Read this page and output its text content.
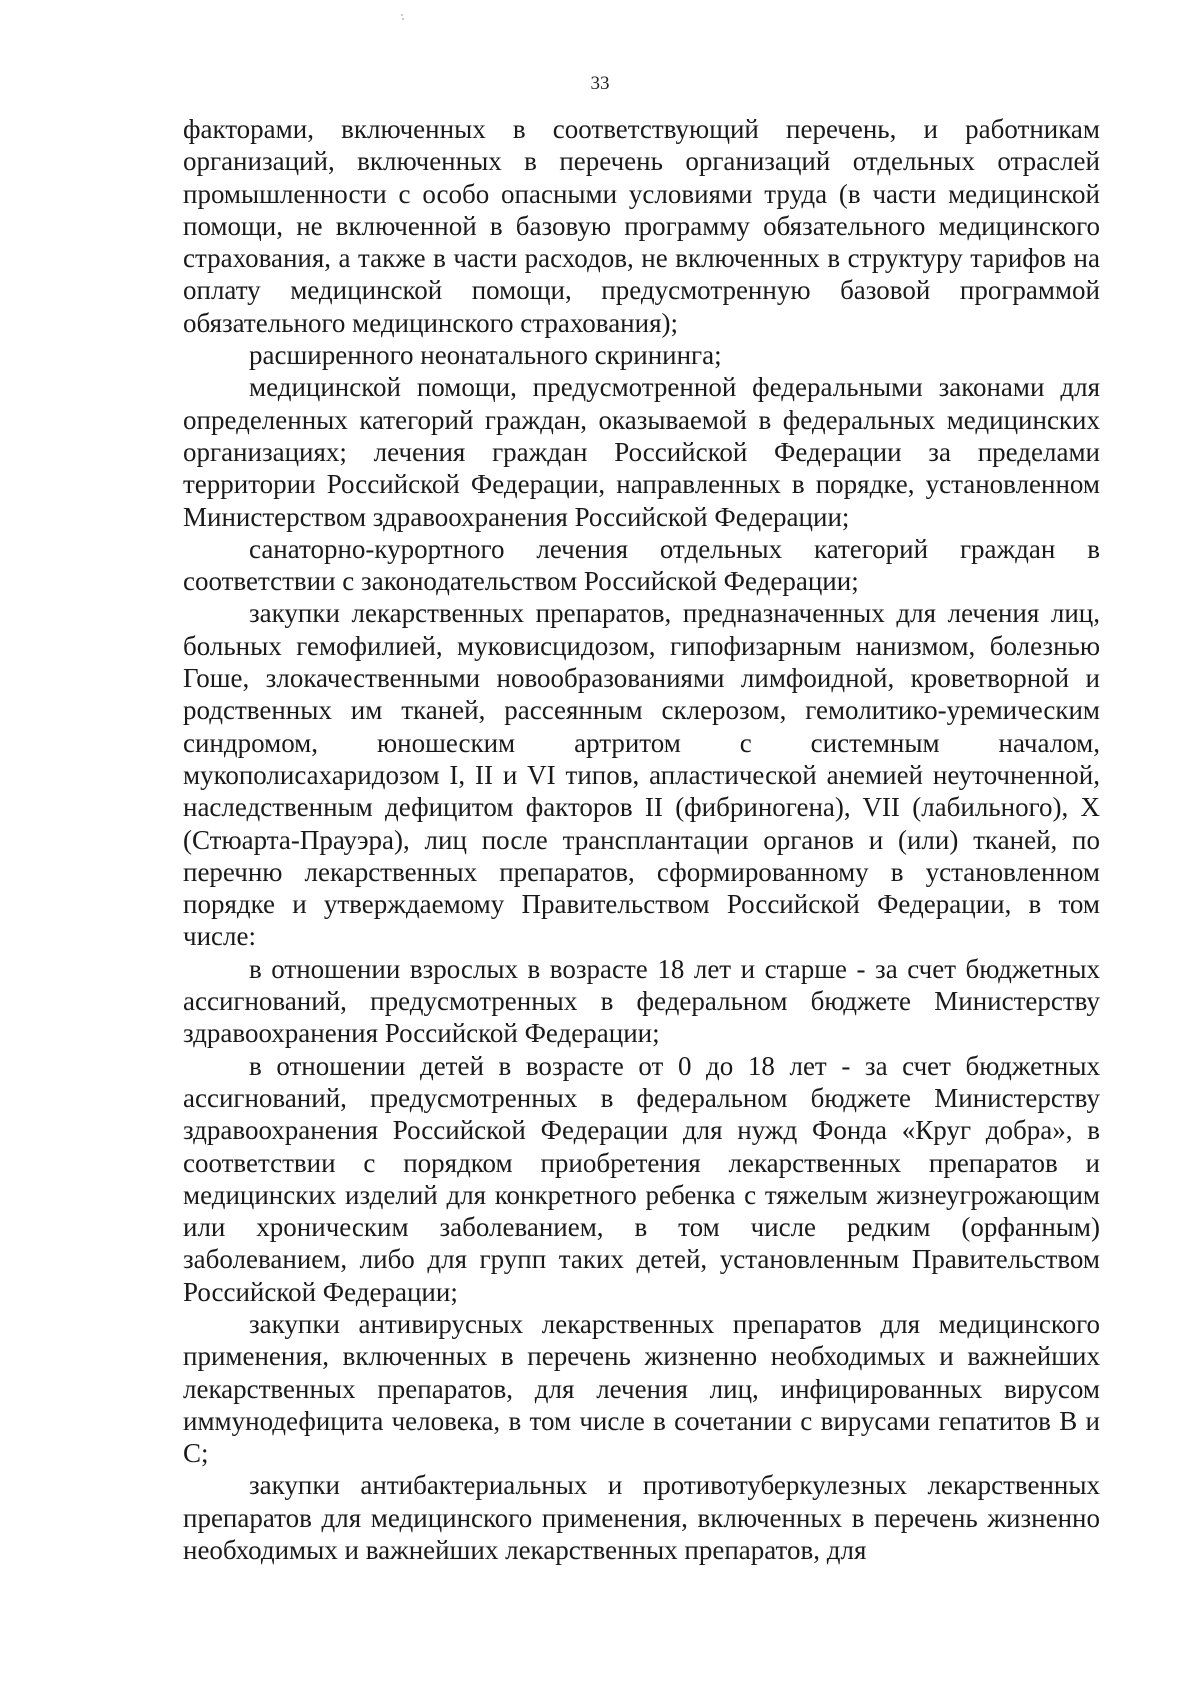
33

факторами, включенных в соответствующий перечень, и работникам организаций, включенных в перечень организаций отдельных отраслей промышленности с особо опасными условиями труда (в части медицинской помощи, не включенной в базовую программу обязательного медицинского страхования, а также в части расходов, не включенных в структуру тарифов на оплату медицинской помощи, предусмотренную базовой программой обязательного медицинского страхования);

расширенного неонатального скрининга;

медицинской помощи, предусмотренной федеральными законами для определенных категорий граждан, оказываемой в федеральных медицинских организациях; лечения граждан Российской Федерации за пределами территории Российской Федерации, направленных в порядке, установленном Министерством здравоохранения Российской Федерации;

санаторно-курортного лечения отдельных категорий граждан в соответствии с законодательством Российской Федерации;

закупки лекарственных препаратов, предназначенных для лечения лиц, больных гемофилией, муковисцидозом, гипофизарным нанизмом, болезнью Гоше, злокачественными новообразованиями лимфоидной, кроветворной и родственных им тканей, рассеянным склерозом, гемолитико-уремическим синдромом, юношеским артритом с системным началом, мукополисахаридозом I, II и VI типов, апластической анемией неуточненной, наследственным дефицитом факторов II (фибриногена), VII (лабильного), X (Стюарта-Прауэра), лиц после трансплантации органов и (или) тканей, по перечню лекарственных препаратов, сформированному в установленном порядке и утверждаемому Правительством Российской Федерации, в том числе:

в отношении взрослых в возрасте 18 лет и старше - за счет бюджетных ассигнований, предусмотренных в федеральном бюджете Министерству здравоохранения Российской Федерации;

в отношении детей в возрасте от 0 до 18 лет - за счет бюджетных ассигнований, предусмотренных в федеральном бюджете Министерству здравоохранения Российской Федерации для нужд Фонда «Круг добра», в соответствии с порядком приобретения лекарственных препаратов и медицинских изделий для конкретного ребенка с тяжелым жизнеугрожающим или хроническим заболеванием, в том числе редким (орфанным) заболеванием, либо для групп таких детей, установленным Правительством Российской Федерации;

закупки антивирусных лекарственных препаратов для медицинского применения, включенных в перечень жизненно необходимых и важнейших лекарственных препаратов, для лечения лиц, инфицированных вирусом иммунодефицита человека, в том числе в сочетании с вирусами гепатитов B и C;

закупки антибактериальных и противотуберкулезных лекарственных препаратов для медицинского применения, включенных в перечень жизненно необходимых и важнейших лекарственных препаратов, для
